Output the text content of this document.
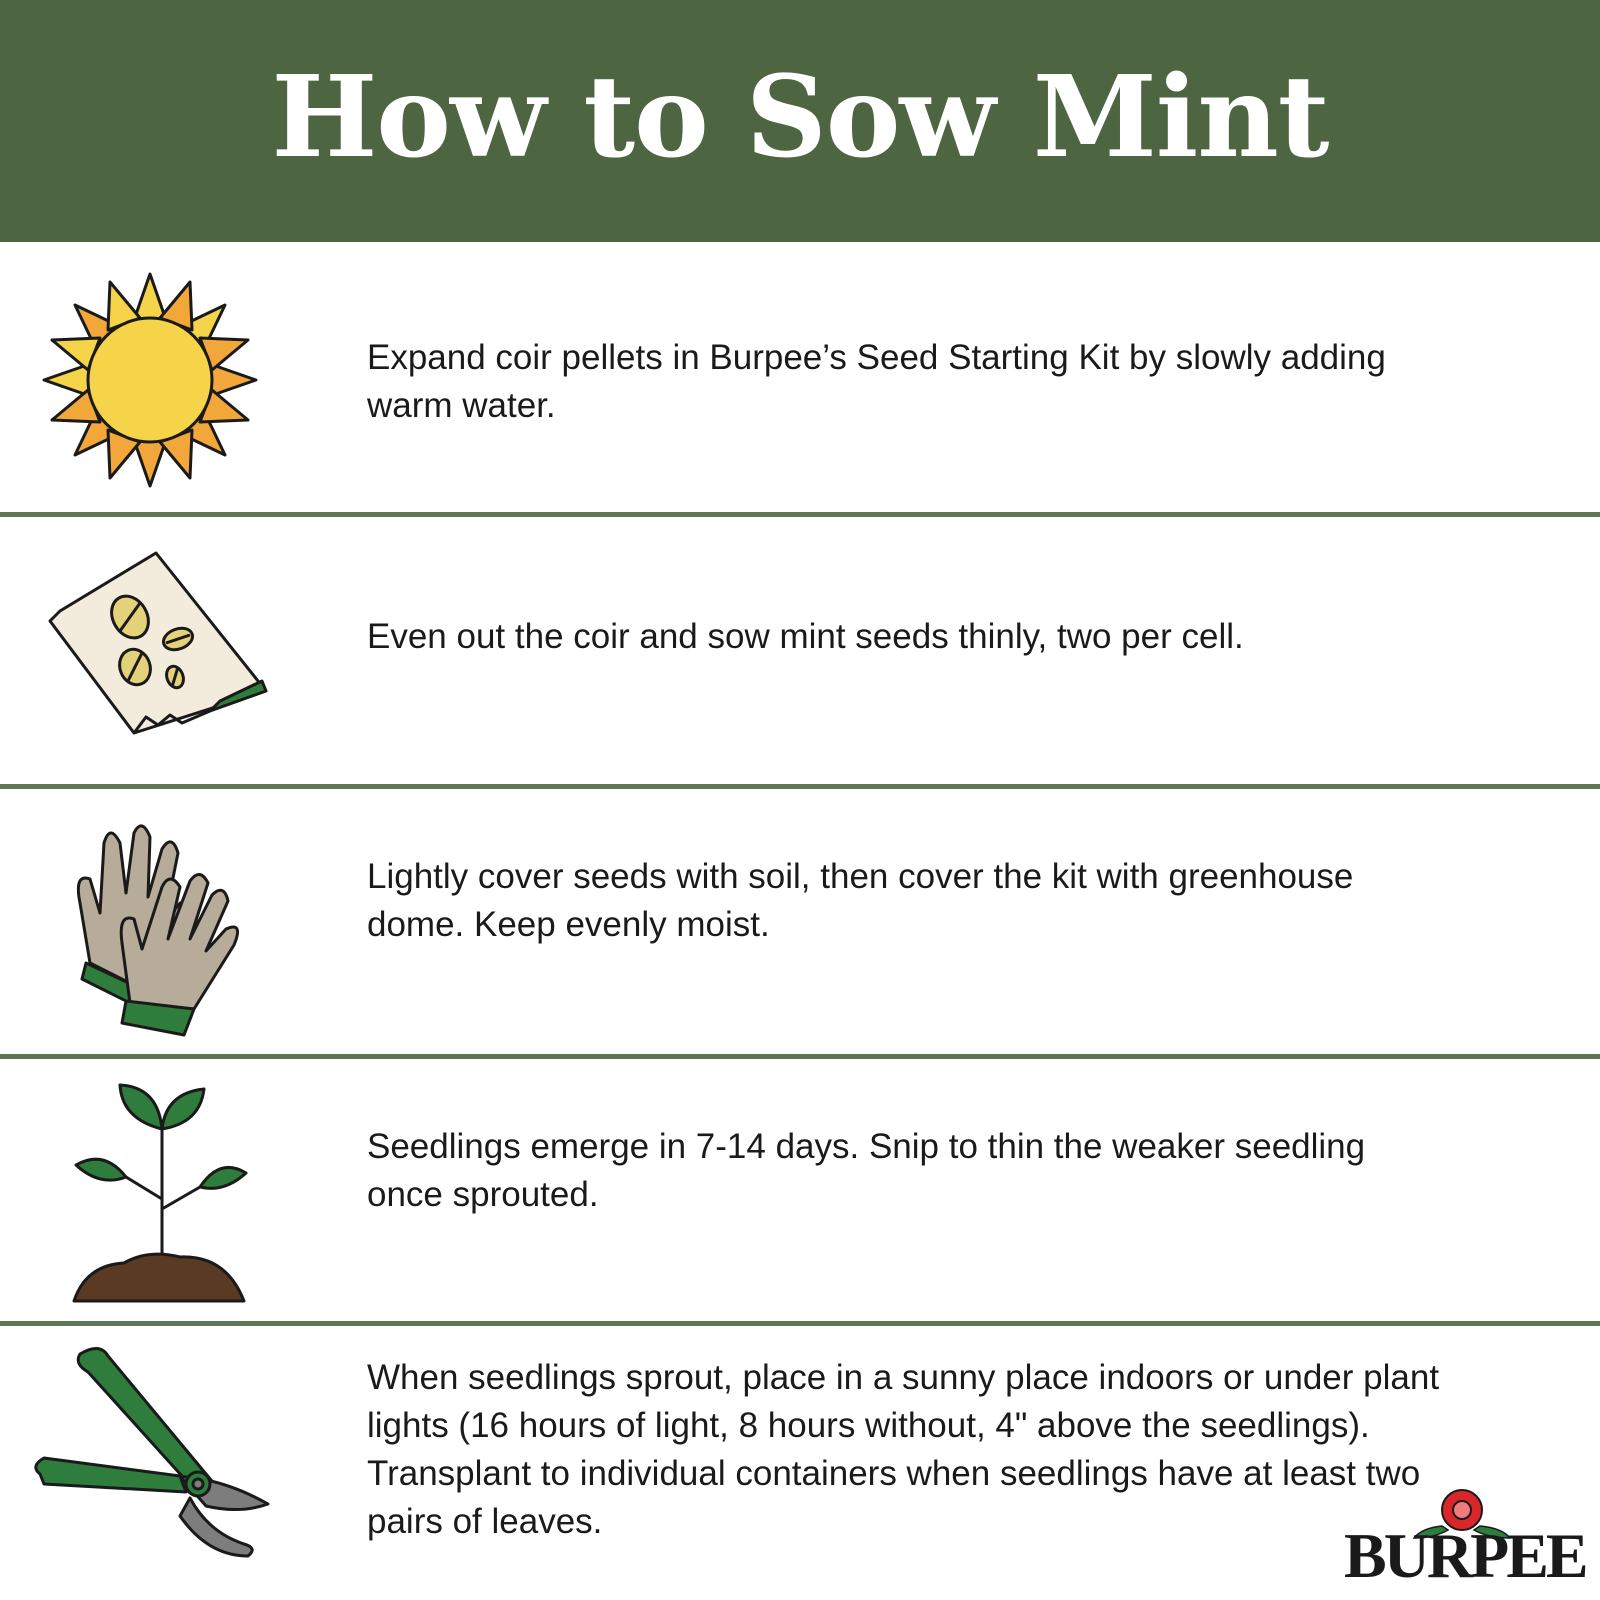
How to Sow Mint
Expand coir pellets in Burpee’s Seed Starting Kit by slowly adding warm water.
Even out the coir and sow mint seeds thinly, two per cell.
Lightly cover seeds with soil, then cover the kit with greenhouse dome. Keep evenly moist.
Seedlings emerge in 7-14 days. Snip to thin the weaker seedling once sprouted.
When seedlings sprout, place in a sunny place indoors or under plant lights (16 hours of light, 8 hours without, 4" above the seedlings). Transplant to individual containers when seedlings have at least two pairs of leaves.	BURPEE
